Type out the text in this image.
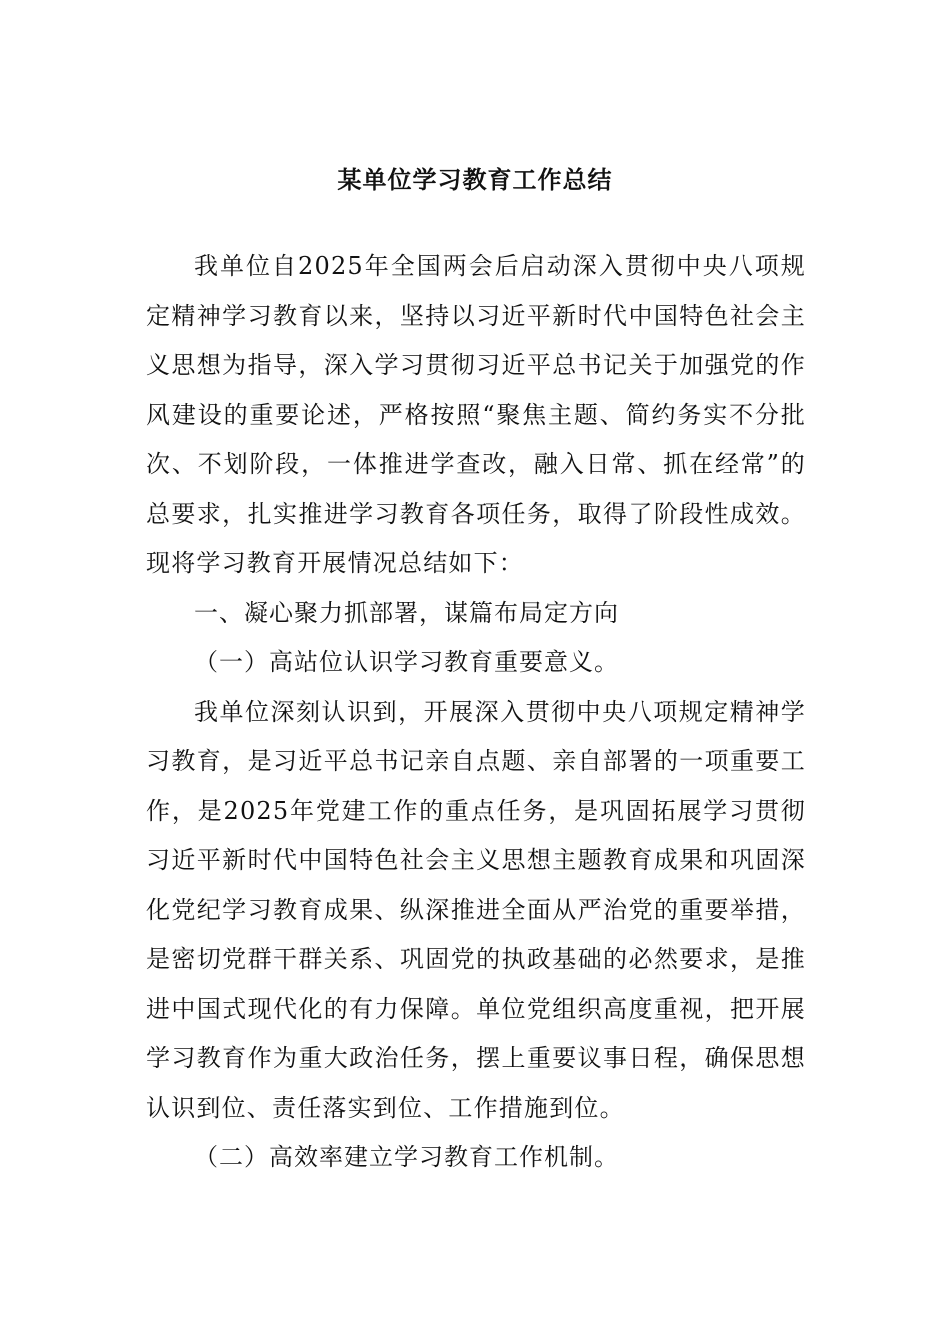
某单位学习教育工作总结

我单位自2025年全国两会后启动深入贯彻中央八项规定精神学习教育以来，坚持以习近平新时代中国特色社会主义思想为指导，深入学习贯彻习近平总书记关于加强党的作风建设的重要论述，严格按照“聚焦主题、简约务实不分批次、不划阶段，一体推进学查改，融入日常、抓在经常”的总要求，扎实推进学习教育各项任务，取得了阶段性成效。现将学习教育开展情况总结如下：

一、凝心聚力抓部署，谋篇布局定方向

（一）高站位认识学习教育重要意义。

我单位深刻认识到，开展深入贯彻中央八项规定精神学习教育，是习近平总书记亲自点题、亲自部署的一项重要工作，是2025年党建工作的重点任务，是巩固拓展学习贯彻习近平新时代中国特色社会主义思想主题教育成果和巩固深化党纪学习教育成果、纵深推进全面从严治党的重要举措，是密切党群干群关系、巩固党的执政基础的必然要求，是推进中国式现代化的有力保障。单位党组织高度重视，把开展学习教育作为重大政治任务，摆上重要议事日程，确保思想认识到位、责任落实到位、工作措施到位。

（二）高效率建立学习教育工作机制。
